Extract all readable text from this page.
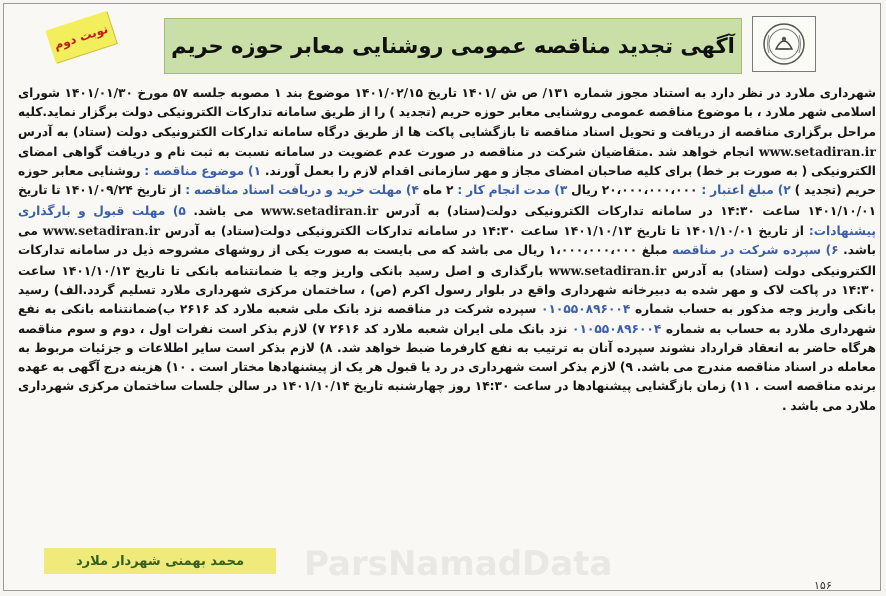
آگهی تجدید مناقصه عمومی روشنایی معابر حوزه حریم
نوبت دوم
شهرداری ملارد در نظر دارد به استناد مجوز شماره ۱۳۱/ ص ش /۱۴۰۱ تاریخ ۱۴۰۱/۰۲/۱۵ موضوع بند ۱ مصوبه جلسه ۵۷ مورخ ۱۴۰۱/۰۱/۳۰ شورای اسلامی شهر ملارد ، با موضوع مناقصه عمومی روشنایی معابر حوزه حریم (تجدید ) را از طریق سامانه تدارکات الکترونیکی دولت برگزار نماید.کلیه مراحل برگزاری مناقصه از دریافت و تحویل اسناد مناقصه تا بازگشایی پاکت ها از طریق درگاه سامانه تدارکات الکترونیکی دولت (ستاد) به آدرس www.setadiran.ir انجام خواهد شد .متقاضیان شرکت در مناقصه در صورت عدم عضویت در سامانه نسبت به ثبت نام و دریافت گواهی امضای الکترونیکی ( به صورت بر خط) برای کلیه صاحبان امضای مجاز و مهر سازمانی اقدام لازم را بعمل آورند. ۱) موضوع مناقصه : روشنایی معابر حوزه حریم (تجدید ) ۲) مبلغ اعتبار : ۲۰،۰۰۰،۰۰۰،۰۰۰ ریال ۳) مدت انجام کار : ۲ ماه ۴) مهلت خرید و دریافت اسناد مناقصه : از تاریخ ۱۴۰۱/۰۹/۲۴ تا تاریخ ۱۴۰۱/۱۰/۰۱ ساعت ۱۴:۳۰ در سامانه تدارکات الکترونیکی دولت(ستاد) به آدرس www.setadiran.ir می باشد. ۵) مهلت قبول و بارگذاری پیشنهادات: از تاریخ ۱۴۰۱/۱۰/۰۱ تا تاریخ ۱۴۰۱/۱۰/۱۳ ساعت ۱۴:۳۰ در سامانه تدارکات الکترونیکی دولت(ستاد) به آدرس www.setadiran.ir می باشد. ۶) سپرده شرکت در مناقصه مبلغ ۱،۰۰۰،۰۰۰،۰۰۰ ریال می باشد که می بایست به صورت یکی از روشهای مشروحه ذیل در سامانه تدارکات الکترونیکی دولت (ستاد) به آدرس www.setadiran.ir بارگذاری و اصل رسید بانکی واریز وجه یا ضمانتنامه بانکی تا تاریخ ۱۴۰۱/۱۰/۱۳ ساعت ۱۴:۳۰ در پاکت لاک و مهر شده به دبیرخانه شهرداری واقع در بلوار رسول اکرم (ص) ، ساختمان مرکزی شهرداری ملارد تسلیم گردد.الف) رسید بانکی واریز وجه مذکور به حساب شماره ۰۱۰۵۵۰۸۹۶۰۰۴ سپرده شرکت در مناقصه نزد بانک ملی شعبه ملارد کد ۲۶۱۶ ب)ضمانتنامه بانکی به نفع شهرداری ملارد به حساب به شماره ۰۱۰۵۵۰۸۹۶۰۰۴ نزد بانک ملی ایران شعبه ملارد کد ۲۶۱۶ ۷) لازم بذکر است نفرات اول ، دوم و سوم مناقصه هرگاه حاضر به انعقاد قرارداد نشوند سپرده آنان به ترتیب به نفع کارفرما ضبط خواهد شد. ۸) لازم بذکر است سایر اطلاعات و جزئیات مربوط به معامله در اسناد مناقصه مندرج می باشد. ۹) لازم بذکر است شهرداری در رد یا قبول هر یک از پیشنهادها مختار است . ۱۰) هزینه درج آگهی به عهده برنده مناقصه است . ۱۱) زمان بازگشایی پیشنهادها در ساعت ۱۴:۳۰ روز چهارشنبه تاریخ ۱۴۰۱/۱۰/۱۴ در سالن جلسات ساختمان مرکزی شهرداری ملارد می باشد .
محمد بهمنی شهردار ملارد ParsNamadData
۱۵۶
